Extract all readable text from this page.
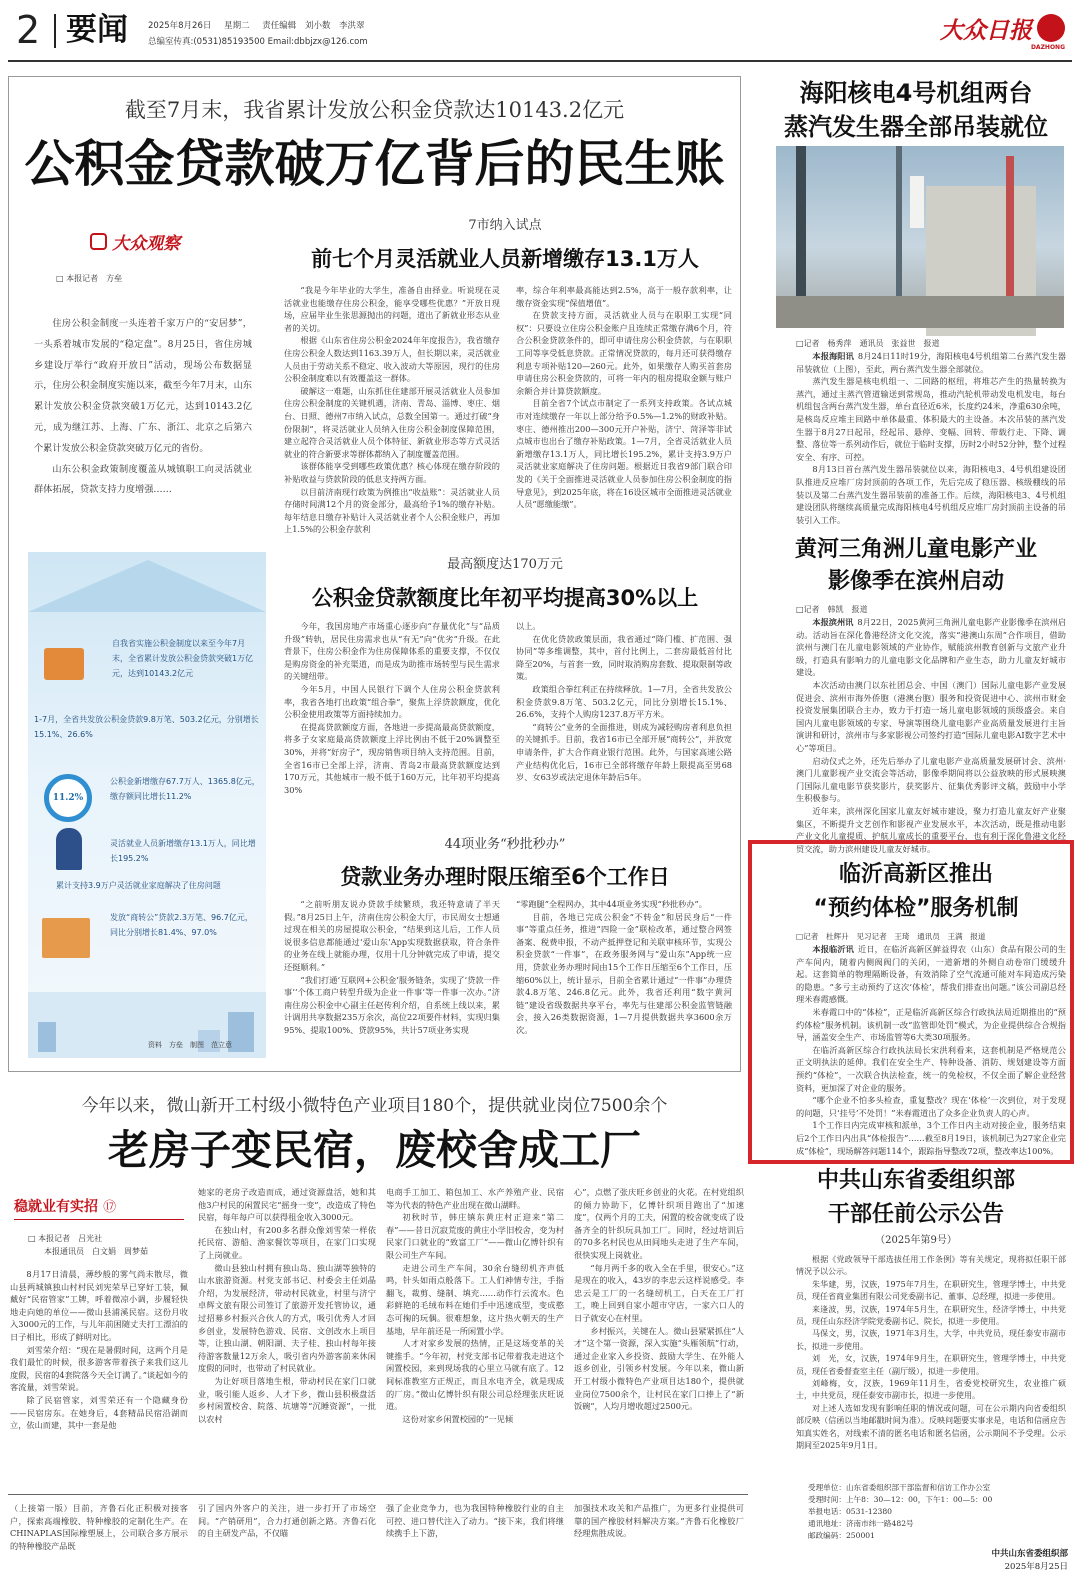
2 要闻 2025年8月26日 星期二 责任编辑 刘小数　李洪翠
总编室传真:(0531)85193500 Email:dbbjzx@126.com	大众日报
DAZHONG
截至7月末，我省累计发放公积金贷款达10143.2亿元
公积金贷款破万亿背后的民生账
大众观察
□ 本报记者　方垒

住房公积金制度一头连着千家万户的“安居梦”，一头系着城市发展的“稳定盘”。8月25日，省住房城乡建设厅举行“政府开放日”活动，现场公布数据显示，住房公积金制度实施以来，截至今年7月末，山东累计发放公积金贷款突破1万亿元，达到10143.2亿元，成为继江苏、上海、广东、浙江、北京之后第六个累计发放公积金贷款突破万亿元的省份。

山东公积金政策制度覆盖从城镇职工向灵活就业群体拓展，贷款支持力度增强……

自我省实施公积金制度以来至今年7月末，全省累计发放公积金贷款突破1万亿元，达到10143.2亿元
1-7月，全省共发放公积金贷款9.8万笔、503.2亿元，分别增长15.1%、26.6%
11.2%
公积金新增缴存67.7万人、1365.8亿元，缴存额同比增长11.2%
灵活就业人员新增缴存13.1万人，同比增长195.2%
累计支持3.9万户灵活就业家庭解决了住房问题
发放“商转公”贷款2.3万笔、96.7亿元，同比分别增长81.4%、97.0%
资料　方垒　制图　范立意
7市纳入试点
前七个月灵活就业人员新增缴存13.1万人

“我是今年毕业的大学生，准备自由择业。听说现在灵活就业也能缴存住房公积金，能享受哪些优惠？”开放日现场，应届毕业生张思源抛出的问题，道出了新就业形态从业者的关切。

根据《山东省住房公积金2024年年度报告》，我省缴存住房公积金人数达到1163.39万人，但长期以来，灵活就业人员由于劳动关系不稳定、收入波动大等原因，现行的住房公积金制度难以有效覆盖这一群体。

破解这一难题，山东抓住住建部开展灵活就业人员参加住房公积金制度的关键机遇，济南、青岛、淄博、枣庄、烟台、日照、德州7市纳入试点，总数全国第一。通过打破“身份限制”，将灵活就业人员纳入住房公积金制度保障范围，建立起符合灵活就业人员个体特征、新就业形态等方式灵活就业的符合新要求等群体都纳入了制度覆盖范围。

该群体能享受到哪些政策优惠？核心体现在缴存阶段的补贴收益与贷款阶段的低息支持两方面。

以目前济南现行政策为例推出“收益账”：灵活就业人员存储时间满12个月的资金部分，最高给予1%的缴存补贴。每年结息日缴存补贴计入灵活就业者个人公积金账户，再加上1.5%的公积金存款利

率，综合年利率最高能达到2.5%，高于一般存款利率，让缴存资金实现“保值增值”。

在贷款支持方面，灵活就业人员与在职职工实现“同权”：只要设立住房公积金账户且连续正常缴存满6个月，符合公积金贷款条件的，即可申请住房公积金贷款，与在职职工同等享受低息贷款。正常情况贷款的，每月还可获得缴存利息专项补贴120—260元。此外，如果缴存人购买首套房申请住房公积金贷款的，可将一年内的租房提取金额与账户余额合并计算贷款额度。

目前全省7个试点市制定了一系列支持政策。各试点城市对连续缴存一年以上部分给予0.5%—1.2%的财政补贴。枣庄、德州推出200—300元开户补贴，济宁、菏泽等非试点城市也出台了缴存补贴政策。1—7月，全省灵活就业人员新增缴存13.1万人，同比增长195.2%，累计支持3.9万户灵活就业家庭解决了住房问题。根据近日我省9部门联合印发的《关于全面推进灵活就业人员参加住房公积金制度的指导意见》，到2025年底，将在16设区城市全面推进灵活就业人员“愿缴能缴”。

最高额度达170万元
公积金贷款额度比年初平均提高30%以上

今年，我国房地产市场重心逐步向“存量优化”与“品质升级”转轨，居民住房需求也从“有无”向“优劣”升级。在此背景下，住房公积金作为住房保障体系的重要支撑，不仅仅是购房资金的补充渠道，而是成为助推市场转型与民生需求的关键纽带。

今年5月，中国人民银行下调个人住房公积金贷款利率，我省各地打出政策“组合拳”，聚焦上浮贷款额度，优化公积金使用政策等方面持续加力。

在提高贷款额度方面，各地进一步提高最高贷款额度，将多子女家庭最高贷款额度上浮比例由不低于20%调整至30%，并将“好房子”，现房销售项目纳入支持范围。目前，全省16市已全部上浮，济南、青岛2市最高贷款额度达到170万元，其他城市一般不低于160万元，比年初平均提高30%

以上。

在优化贷款政策层面，我省通过“降门槛、扩范围、强协同”等多维调整，其中，首付比例上，二套房最低首付比降至20%，与首套一致，同时取消购房套数、提取限制等政策。

政策组合拳红利正在持续释放。1—7月，全省共发放公积金贷款9.8万笔、503.2亿元，同比分别增长15.1%、26.6%，支持个人购房1237.8万平方米。

“商转公”业务的全面推进，则成为减轻购房者利息负担的关键抓手。目前，我省16市已全部开展“商转公”，并放宽申请条件，扩大合作商业银行范围。此外，与国家高速公路产业结构优化后，16市已全部将缴存年龄上限提高至男68岁、女63岁或法定退休年龄后5年。

44项业务“秒批秒办”
贷款业务办理时限压缩至6个工作日

“之前听朋友说办贷款手续繁琐，我还特意请了半天假。”8月25日上午，济南住房公积金大厅，市民周女士想通过现在相关的房屋提取公积金，“结果到这儿后，工作人员说很多信息都能通过‘爱山东’App实现数据获取，符合条件的业务在线上就能办理，仅用十几分钟就完成了申请，提交还挺顺利。”

“我们打通‘互联网+公积金’服务链条，实现了‘贷款一件事’‘个体工商户转型升级为企业一件事’等一件事一次办。”济南住房公积金中心副主任赵传利介绍，自系统上线以来，累计调用共享数据235万余次，高位22项要件材料，实现归集95%、提取100%、贷款95%，共计57项业务实现

“零跑腿”全程网办，其中44项业务实现“秒批秒办”。

目前，各地已完成公积金“不转金”和居民身后“一件事”等重点任务，推进“四险一金”联检改革，通过整合网签备案、税费申报，不动产抵押登记和关联审核环节，实现公积金贷款“一件事”，在政务服务网与“爱山东”App统一应用，贷款业务办理时间由15个工作日压缩至6个工作日，压缩60%以上，统计显示，目前全省累计通过“一件事”办理贷款4.8万笔、246.8亿元。此外，我省还利用“数字黄河链”建设省级数据共享平台，率先与住建部公积金监管链融会，接入26类数据资源，1—7月提供数据共享3600余万次。

今年以来，微山新开工村级小微特色产业项目180个，提供就业岗位7500余个
老房子变民宿，废校舍成工厂
稳就业有实招 ⑰
□ 本报记者　吕光社
本报通讯员　白文娟　周梦茹

8月17日清晨，薄纱般的雾气尚未散尽，微山县两城镇独山村村民刘宪荣早已穿好工装，佩戴好“民宿管家”工牌，呼着微凉小调，步履轻快地走向她的单位——微山县浦溪民宿。这份月收入3000元的工作，与儿年前困随丈夫打工漂泊的日子相比，形成了鲜明对比。

刘雪荣介绍：“现在是暑假时间，这两个月是我们最忙的时候，很多游客带着孩子来我们这儿度假，民宿的4套院落今天全订满了。”谈起如今的客流量，刘雪荣说。

除了民宿管家，刘雪荣还有一个隐藏身份——民宿房东。在她身后，4套精品民宿沿湖而立，依山而建，其中一套是他

她家的老房子改造而成，通过资源盘活，她和其他3户村民的闲置民宅“摇身一变”，改造成了特色民宿，每年每户可以获得租金收入3000元。

在独山村，有200多名群众像刘雪荣一样依托民宿、游船、渔家餐饮等项目，在家门口实现了上岗就业。

微山县独山村拥有独山岛、独山湖等独特的山水旅游资源。村党支部书记、村委会主任刘晶介绍，为发展经济，带动村民就业，村里与济宁卓辉文旅有限公司签订了旅游开发托管协议，通过招募乡村振兴合伙人的方式，吸引优秀人才回乡创业，发展特色游戏、民宿、文创改水上项目等，让独山湖、朝阳湖、夫子桂、独山村每年接待游客数量12万余人，吸引省内外游客前来休闲度假的同时，也带动了村民就业。

为让好项目落地生根，带动村民在家门口就业，吸引能人返乡、人才下乡，微山县积极盘活乡村闲置校舍、院落、坑塘等“沉睡资源”，一批以农村

电商手工加工、箱包加工、水产养殖产业、民宿等为代表的特色产业出现在微山湖畔。

初秋时节，韩庄镇东黄庄村正迎来“第二春”——昔日沉寂荒废的黄庄小学旧校舍，变为村民家门口就业的“致富工厂”——微山亿博针织有限公司生产车间。

走进公司生产车间，30余台缝纫机齐声低鸣，针头如雨点般落下。工人们神情专注，手指翻飞，裁剪、缝制、填充……动作行云流水。色彩鲜艳的毛绒布料在她们手中迅速成型，变成憨态可掬的玩偶。很难想象，这片热火朝天的生产基地，早年前还是一所闲置小学。

人才对家乡发展的热情，正是这场变革的关键推手。“今年初，村党支部书记带着我走进这个闲置校园，来到现场我的心里立马就有底了。12间标准教室方正规正，而且水电齐全，就是现成的厂房。”微山亿博针织有限公司总经理张庆旺说道。

这份对家乡闲置校园的“一见倾

心”，点燃了张庆旺乡创业的火花。在村党组织的倾力协助下，亿博针织项目跑出了“加速度”，仅两个月的工夫，闲置的校舍就变成了设备齐全的针织玩具加工厂。同时，经过培训后的70多名村民也从田间地头走进了生产车间，很快实现上岗就业。

“每月两千多的收入全在手里，很安心。”这是现在的收入，43岁的李忠云这样说感受。李忠云是工厂的一名缝纫机工，白天在工厂打工，晚上回到自家小超市守店，一家六口人的日子就安心在村里。

乡村振兴，关键在人。微山县紧紧抓住“人才”这个第一资源，深入实施“头雁领航”行动，通过企业家入乡投资、鼓励大学生、在外能人返乡创业，引领乡村发展。今年以来，微山新开工村级小微特色产业项目达180个，提供就业岗位7500余个，让村民在家门口捧上了“新饭碗”，人均月增收超过2500元。

（上接第一版）目前，齐鲁石化正积极对接客户，探索高端橡胶、特种橡胶的定制化生产。在CHINAPLAS国际橡塑展上，公司联合多方展示的特种橡胶产品既
引了国内外客户的关注，进一步打开了市场空间。“产销研用”，合力打通创新之路。齐鲁石化的自主研发产品，不仅瞄
强了企业竞争力，也为我国特种橡胶行业的自主可控、进口替代注入了动力。“接下来，我们将继续携手上下游，
加强技术攻关和产品推广，为更多行业提供可靠的国产橡胶材料解决方案。”齐鲁石化橡胶厂经理焦胜成说。
海阳核电4号机组两台
蒸汽发生器全部吊装就位
□记者　杨秀萍　通讯员　张益世　报道

本报海阳讯 8月24日11时19分，海阳核电4号机组第二台蒸汽发生器吊装就位（上图），至此，两台蒸汽发生器全部就位。

蒸汽发生器是核电机组一、二回路的枢纽，将堆芯产生的热量转换为蒸汽，通过主蒸汽管道输送到常规岛，推动汽轮机带动发电机发电，每台机组包含两台蒸汽发生器，单台直径近6米，长度约24米，净重630余吨，是核岛反应堆主回路中单体最重、体积最大的主设备。本次吊装的蒸汽发生器于8月27日起吊，经起吊、悬停、变幅、回转、带载行走、下降、调整、落位等一系列动作后，就位于临时支撑，历时2小时52分钟，整个过程安全、有序、可控。

8月13日首台蒸汽发生器吊装就位以来，海阳核电3、4号机组建设团队推进反应堆厂房封顶前的各项工作，先后完成了稳压器、核级棚线的吊装以及第二台蒸汽发生器吊装前的准备工作。后续，海阳核电3、4号机组建设团队将继续高质量完成海阳核电4号机组反应堆厂房封顶前主设备的吊装引入工作。

黄河三角洲儿童电影产业
影像季在滨州启动
□记者　韩凯　报道

本报滨州讯 8月22日，2025黄河三角洲儿童电影产业影像季在滨州启动。活动旨在深化鲁港经济文化交流，落实“港澳山东周”合作项目，借助滨州与澳门在儿童电影领域的产业协作，赋能滨州教育创新与文旅产业升级，打造具有影响力的儿童电影文化品牌和产业生态，助力儿童友好城市建设。

本次活动由澳门以东社团总会、中国（澳门）国际儿童电影产业发展促进会、滨州市海外侨胞（港澳台胞）服务和投资促进中心、滨州市财金投资发展集团联合主办，致力于打造一场儿童电影领域的顶级盛会。来自国内儿童电影领域的专家、导演等围绕儿童电影产业高质量发展进行主旨演讲和研讨，滨州市与多家影视公司签约打造“国际儿童电影AI数字艺术中心”等项目。

启动仪式之外，还先后举办了儿童电影产业高质量发展研讨会、滨州·澳门儿童影视产业交流会等活动，影像季期间将以公益放映的形式展映澳门国际儿童电影节获奖影片，获奖影片、征集优秀影评文稿，鼓励中小学生积极参与。

近年来，滨州深化国家儿童友好城市建设，聚力打造儿童友好产业聚集区，不断提升文艺创作和影视产业发展水平，本次活动，既是推动电影产业文化儿童提质、护航儿童成长的重要平台，也有利于深化鲁港文化经贸交流，助力滨州建设儿童友好城市。

临沂高新区推出
“预约体检”服务机制
□记者　杜辉升　见习记者　王琦　通讯员　王满　报道

本报临沂讯 近日，在临沂高新区鲜益得农（山东）食品有限公司的生产车间内，随着内侧阀阀门的关闭，一道新增的外侧自动卷帘门缓缓升起。这套简单的物理隔断设备，有效消除了空气流通可能对车间造成污染的隐患。“多亏主动预约了这次‘体检’，帮我们排查出问题。”该公司副总经理米春霞感慨。

米春霞口中的“体检”，正是临沂高新区综合行政执法局近期推出的“预约体检”服务机制。该机制一改“监管即处罚”模式，为企业提供综合合规指导，涵盖安全生产、市场监管等6大类30项服务。

在临沂高新区综合行政执法局长宋洪利看来，这套机制是严格规范公正文明执法的延伸。我们在安全生产、特种设备、消防、规划建设等方面预约“体检”，一次联合执法检查，统一的免检权，不仅全面了解企业经营资料，更加深了对企业的服务。

“哪个企业不怕多头检查，重复整改？现在‘体检’一次到位，对于发现的问题，只‘挂号’不处罚！”米春霞道出了众多企业负责人的心声。

1个工作日内完成审核和派单，3个工作日内主动对接企业，服务结束后2个工作日内出具“体检报告”……截至8月19日，该机制已为27家企业完成“体检”，现场解答问题114个，跟踪指导整改72项，整改率达100%。

中共山东省委组织部
干部任前公示公告
（2025年第9号）

根据《党政领导干部选拔任用工作条例》等有关规定，现将拟任职干部情况予以公示。

朱华建，男，汉族，1975年7月生，在职研究生，管理学博士，中共党员，现任省商业集团有限公司党委副书记、董事、总经理，拟进一步使用。

来逢波，男，汉族，1974年5月生，在职研究生，经济学博士，中共党员，现任山东经济学院党委副书记、院长，拟进一步使用。

马保文，男，汉族，1971年3月生，大学，中共党员，现任泰安市副市长，拟进一步使用。

刘　光，女，汉族，1974年9月生，在职研究生，管理学博士，中共党员，现任省委督查室主任（副厅级），拟进一步使用。

刘峰梅，女，汉族，1969年11月生，省委党校研究生，农业推广硕士，中共党员，现任泰安市副市长，拟进一步使用。

对上述人选如发现有影响任职的情况或问题，可在公示期内向省委组织部反映（信函以当地邮戳时间为准）。反映问题要实事求是，电话和信函应告知真实姓名，对线索不清的匿名电话和匿名信函，公示期间不予受理。公示期间至2025年9月1日。

受理单位：山东省委组织部干部监督和信访工作办公室
受理时间：上午8：30—12：00，下午1：00—5：00
举报电话：0531-12380
通讯地址：济南市纬一路482号
邮政编码：250001
中共山东省委组织部
2025年8月25日
